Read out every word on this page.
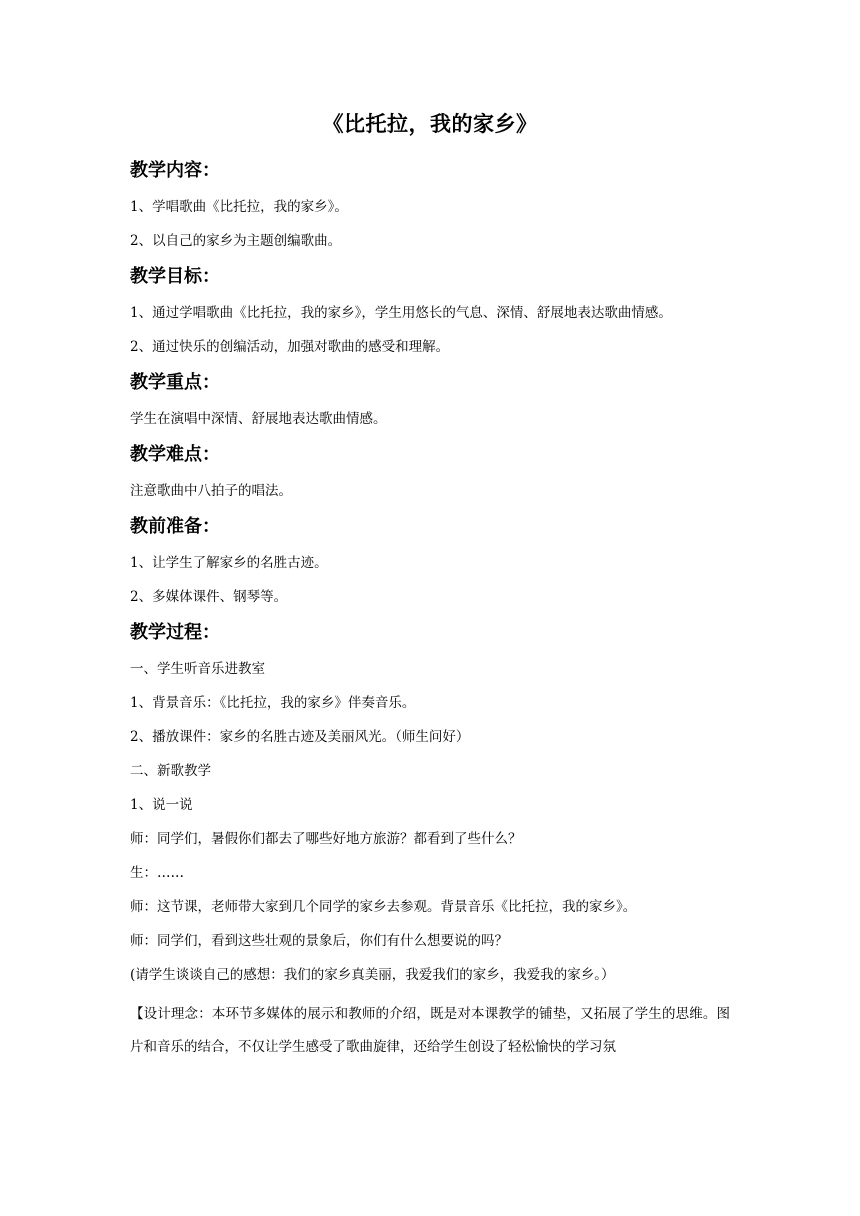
《比托拉，我的家乡》
教学内容：
1、学唱歌曲《比托拉，我的家乡》。
2、以自己的家乡为主题创编歌曲。
教学目标：
1、通过学唱歌曲《比托拉，我的家乡》，学生用悠长的气息、深情、舒展地表达歌曲情感。
2、通过快乐的创编活动，加强对歌曲的感受和理解。
教学重点：
学生在演唱中深情、舒展地表达歌曲情感。
教学难点：
注意歌曲中八拍子的唱法。
教前准备：
1、让学生了解家乡的名胜古迹。
2、多媒体课件、钢琴等。
教学过程：
一、学生听音乐进教室
1、背景音乐：《比托拉，我的家乡》伴奏音乐。
2、播放课件：家乡的名胜古迹及美丽风光。（师生问好）
二、新歌教学
1、说一说
师：同学们，暑假你们都去了哪些好地方旅游？都看到了些什么？
生：……
师：这节课，老师带大家到几个同学的家乡去参观。背景音乐《比托拉，我的家乡》。
师：同学们，看到这些壮观的景象后，你们有什么想要说的吗？
(请学生谈谈自己的感想：我们的家乡真美丽，我爱我们的家乡，我爱我的家乡。）
【设计理念：本环节多媒体的展示和教师的介绍，既是对本课教学的铺垫，又拓展了学生的思维。图片和音乐的结合，不仅让学生感受了歌曲旋律，还给学生创设了轻松愉快的学习氛
